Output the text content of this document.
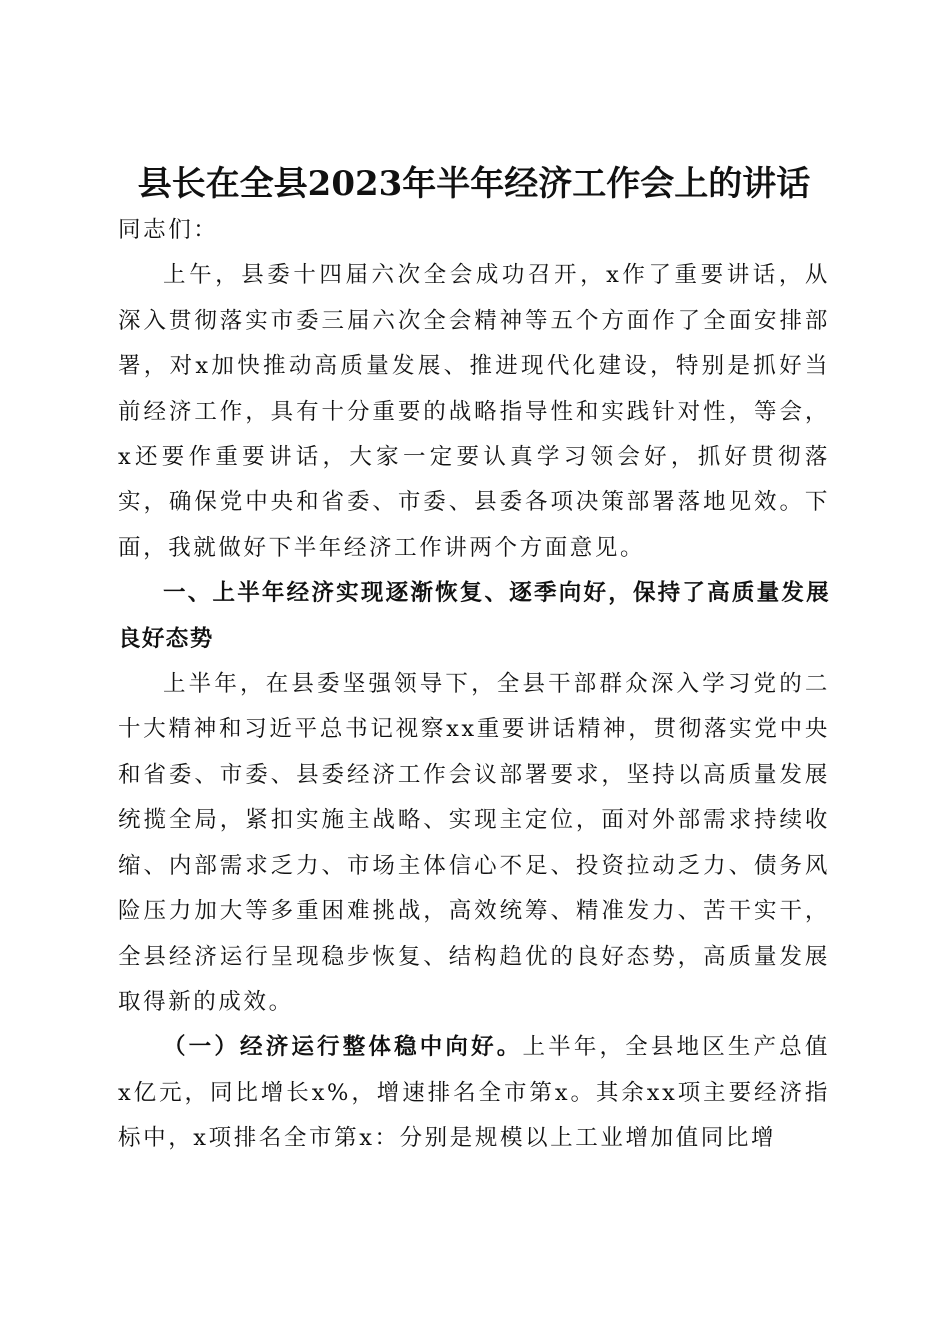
县长在全县2023年半年经济工作会上的讲话

同志们：

上午，县委十四届六次全会成功召开，x作了重要讲话，从深入贯彻落实市委三届六次全会精神等五个方面作了全面安排部署，对x加快推动高质量发展、推进现代化建设，特别是抓好当前经济工作，具有十分重要的战略指导性和实践针对性，等会，x还要作重要讲话，大家一定要认真学习领会好，抓好贯彻落实，确保党中央和省委、市委、县委各项决策部署落地见效。下面，我就做好下半年经济工作讲两个方面意见。

一、上半年经济实现逐渐恢复、逐季向好，保持了高质量发展良好态势

上半年，在县委坚强领导下，全县干部群众深入学习党的二十大精神和习近平总书记视察xx重要讲话精神，贯彻落实党中央和省委、市委、县委经济工作会议部署要求，坚持以高质量发展统揽全局，紧扣实施主战略、实现主定位，面对外部需求持续收缩、内部需求乏力、市场主体信心不足、投资拉动乏力、债务风险压力加大等多重困难挑战，高效统筹、精准发力、苦干实干，全县经济运行呈现稳步恢复、结构趋优的良好态势，高质量发展取得新的成效。

（一）经济运行整体稳中向好。上半年，全县地区生产总值x亿元，同比增长x%，增速排名全市第x。其余xx项主要经济指标中，x项排名全市第x：分别是规模以上工业增加值同比增
